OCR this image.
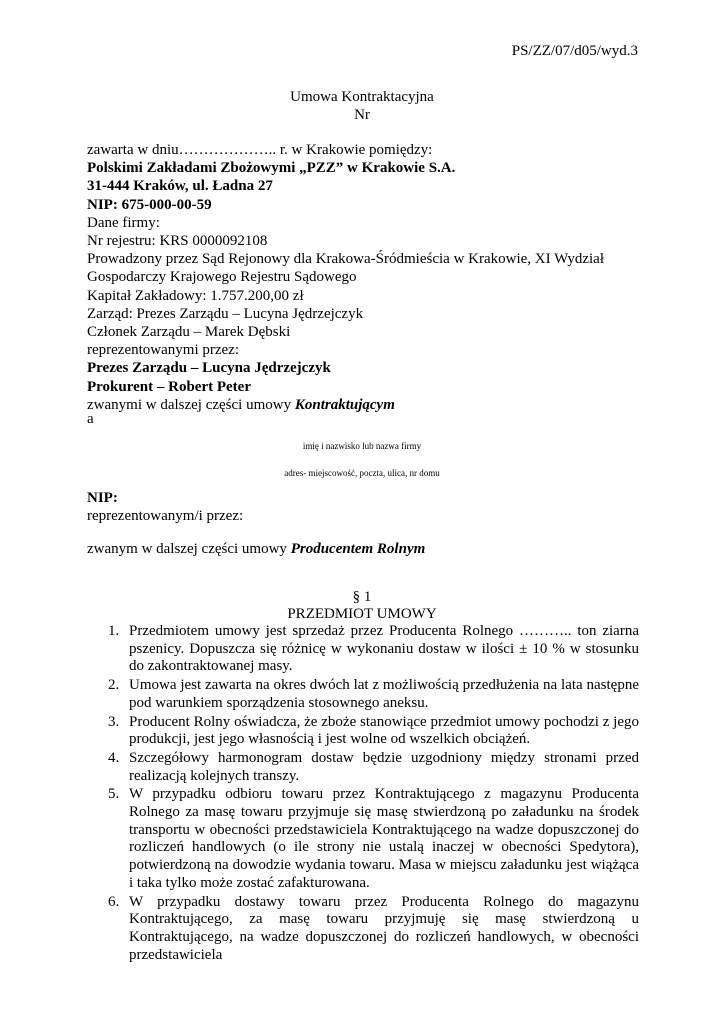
PS/ZZ/07/d05/wyd.3
Umowa Kontraktacyjna
Nr
zawarta w dniu……………….. r. w Krakowie pomiędzy:
Polskimi Zakładami Zbożowymi „PZZ” w Krakowie S.A.
31-444 Kraków, ul. Ładna 27
NIP: 675-000-00-59
Dane firmy:
Nr rejestru: KRS 0000092108
Prowadzony przez Sąd Rejonowy dla Krakowa-Śródmieścia w Krakowie, XI Wydział
Gospodarczy Krajowego Rejestru Sądowego
Kapitał Zakładowy: 1.757.200,00 zł
Zarząd: Prezes Zarządu – Lucyna Jędrzejczyk
Członek Zarządu – Marek Dębski
reprezentowanymi przez:
Prezes Zarządu – Lucyna Jędrzejczyk
Prokurent – Robert Peter
zwanymi w dalszej części umowy Kontraktującym
a
imię i nazwisko lub nazwa firmy
adres- miejscowość, poczta, ulica, nr domu
NIP:
reprezentowanym/i przez:
zwanym w dalszej części umowy Producentem Rolnym
§ 1
PRZEDMIOT UMOWY
1. Przedmiotem umowy jest sprzedaż przez Producenta Rolnego ……….. ton ziarna pszenicy. Dopuszcza się różnicę w wykonaniu dostaw w ilości ± 10 % w stosunku do zakontraktowanej masy.
2. Umowa jest zawarta na okres dwóch lat z możliwością przedłużenia na lata następne pod warunkiem sporządzenia stosownego aneksu.
3. Producent Rolny oświadcza, że zboże stanowiące przedmiot umowy pochodzi z jego produkcji, jest jego własnością i jest wolne od wszelkich obciążeń.
4. Szczegółowy harmonogram dostaw będzie uzgodniony między stronami przed realizacją kolejnych transzy.
5. W przypadku odbioru towaru przez Kontraktującego z magazynu Producenta Rolnego za masę towaru przyjmuje się masę stwierdzoną po załadunku na środek transportu w obecności przedstawiciela Kontraktującego na wadze dopuszczonej do rozliczeń handlowych (o ile strony nie ustalą inaczej w obecności Spedytora), potwierdzoną na dowodzie wydania towaru. Masa w miejscu załadunku jest wiążąca i taka tylko może zostać zafakturowana.
6. W przypadku dostawy towaru przez Producenta Rolnego do magazynu Kontraktującego, za masę towaru przyjmuję się masę stwierdzoną u Kontraktującego, na wadze dopuszczonej do rozliczeń handlowych, w obecności przedstawiciela
